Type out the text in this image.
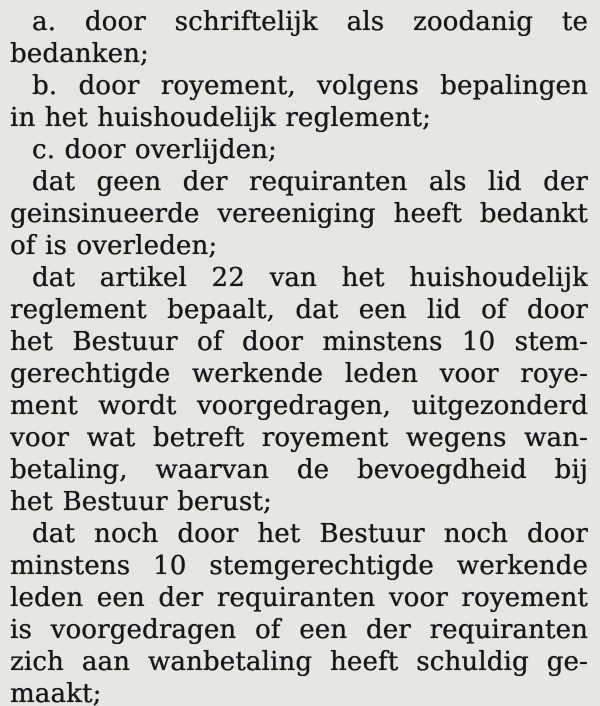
a. door schriftelijk als zoodanig te
bedanken;
b. door royement, volgens bepalingen
in het huishoudelijk reglement;
c. door overlijden;
dat geen der requiranten als lid der
geinsinueerde vereeniging heeft bedankt
of is overleden;
dat artikel 22 van het huishoudelijk
reglement bepaalt, dat een lid of door
het Bestuur of door minstens 10 stem-
gerechtigde werkende leden voor roye-
ment wordt voorgedragen, uitgezonderd
voor wat betreft royement wegens wan-
betaling, waarvan de bevoegdheid bij
het Bestuur berust;
dat noch door het Bestuur noch door
minstens 10 stemgerechtigde werkende
leden een der requiranten voor royement
is voorgedragen of een der requiranten
zich aan wanbetaling heeft schuldig ge-
maakt;
